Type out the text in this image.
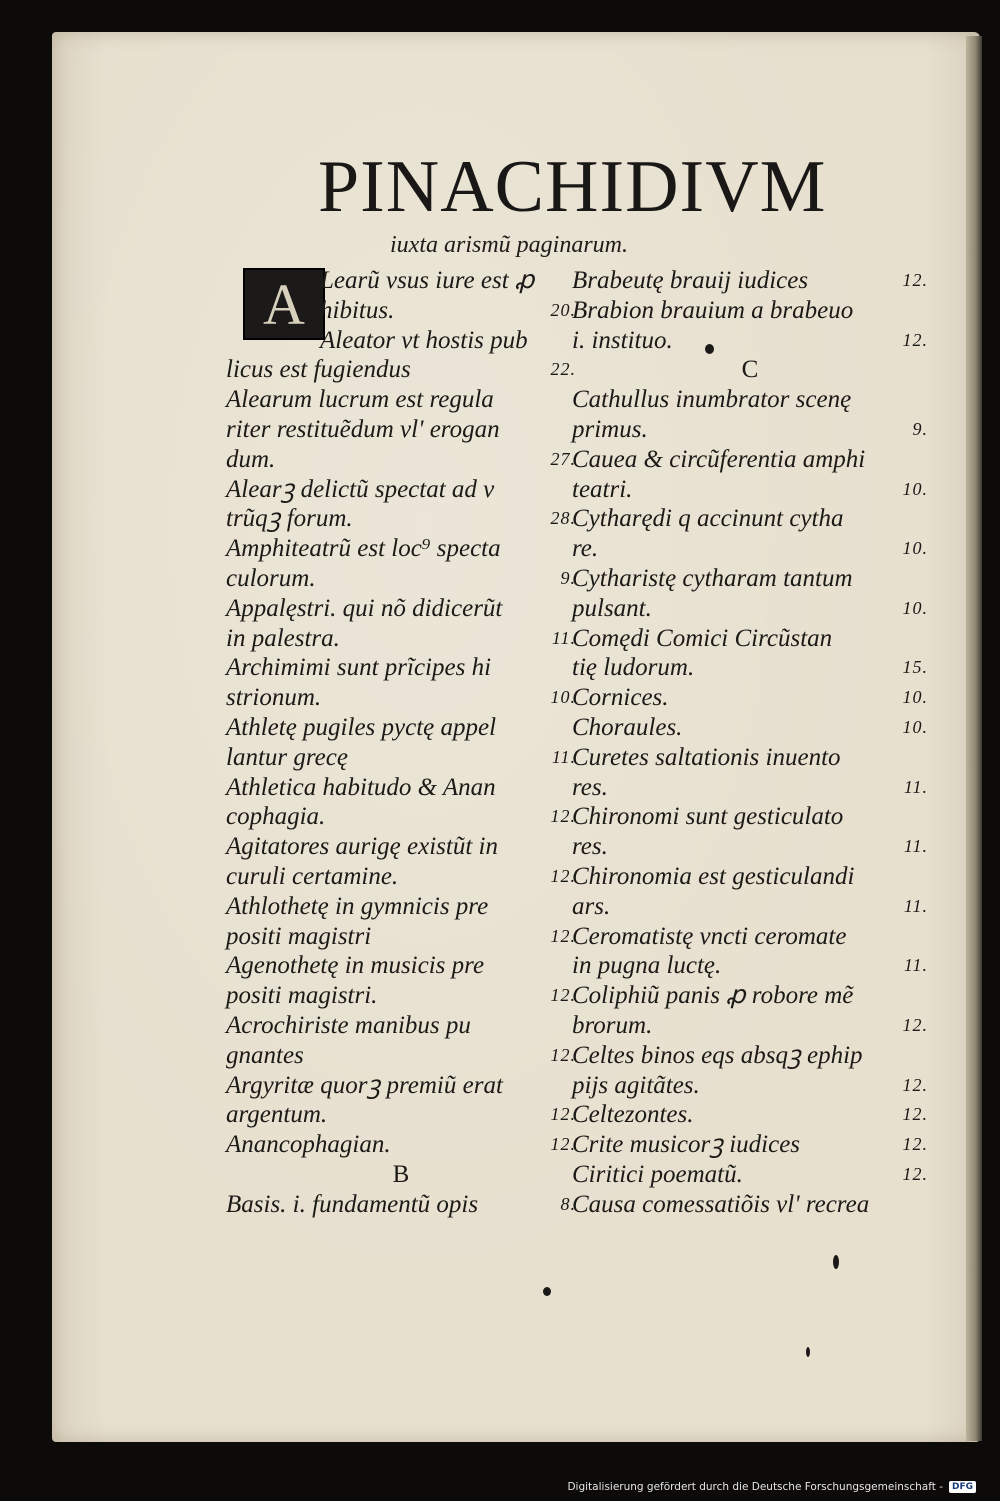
PINACHIDIVM
iuxta arismũ paginarum.
A Learũ vsus iure est ꝓ
hibitus.	20.
Aleator vt hostis pub
licus est fugiendus	22.
Alearum lucrum est regula
riter restituẽdum vl' erogan
dum.	27.
Alearꝫ delictũ spectat ad v
trũqꝫ forum.	28.
Amphiteatrũ est loc⁹ specta
culorum.	9.
Appalęstri. qui nõ didicerũt
in palestra.	11.
Archimimi sunt prĩcipes hi
strionum.	10.
Athletę pugiles pyctę appel
lantur grecę	11.
Athletica habitudo & Anan
cophagia.	12.
Agitatores aurigę existũt in
curuli certamine.	12.
Athlothetę in gymnicis pre
positi magistri	12.
Agenothetę in musicis pre
positi magistri.	12.
Acrochiriste manibus pu
gnantes	12.
Argyritæ quorꝫ premiũ erat
argentum.	12.
Anancophagian.	12.
B
Basis. i. fundamentũ opis	8.
Brabeutę brauij iudices	12.
Brabion brauium a brabeuo
i. instituo.	12.
C
Cathullus inumbrator scenę
primus.	9.
Cauea & circũferentia amphi
teatri.	10.
Cytharędi q accinunt cytha
re.	10.
Cytharistę cytharam tantum
pulsant.	10.
Comędi Comici Circũstan
tię ludorum.	15.
Cornices.	10.
Choraules.	10.
Curetes saltationis inuento
res.	11.
Chironomi sunt gesticulato
res.	11.
Chironomia est gesticulandi
ars.	11.
Ceromatistę vncti ceromate
in pugna luctę.	11.
Coliphiũ panis ꝓ robore mẽ
brorum.	12.
Celtes binos eqs absqꝫ ephip
pijs agitãtes.	12.
Celtezontes.	12.
Crite musicorꝫ iudices	12.
Ciritici poematũ.	12.
Causa comessatiõis vl' recrea
Digitalisierung gefördert durch die Deutsche Forschungsgemeinschaft -	DFG
